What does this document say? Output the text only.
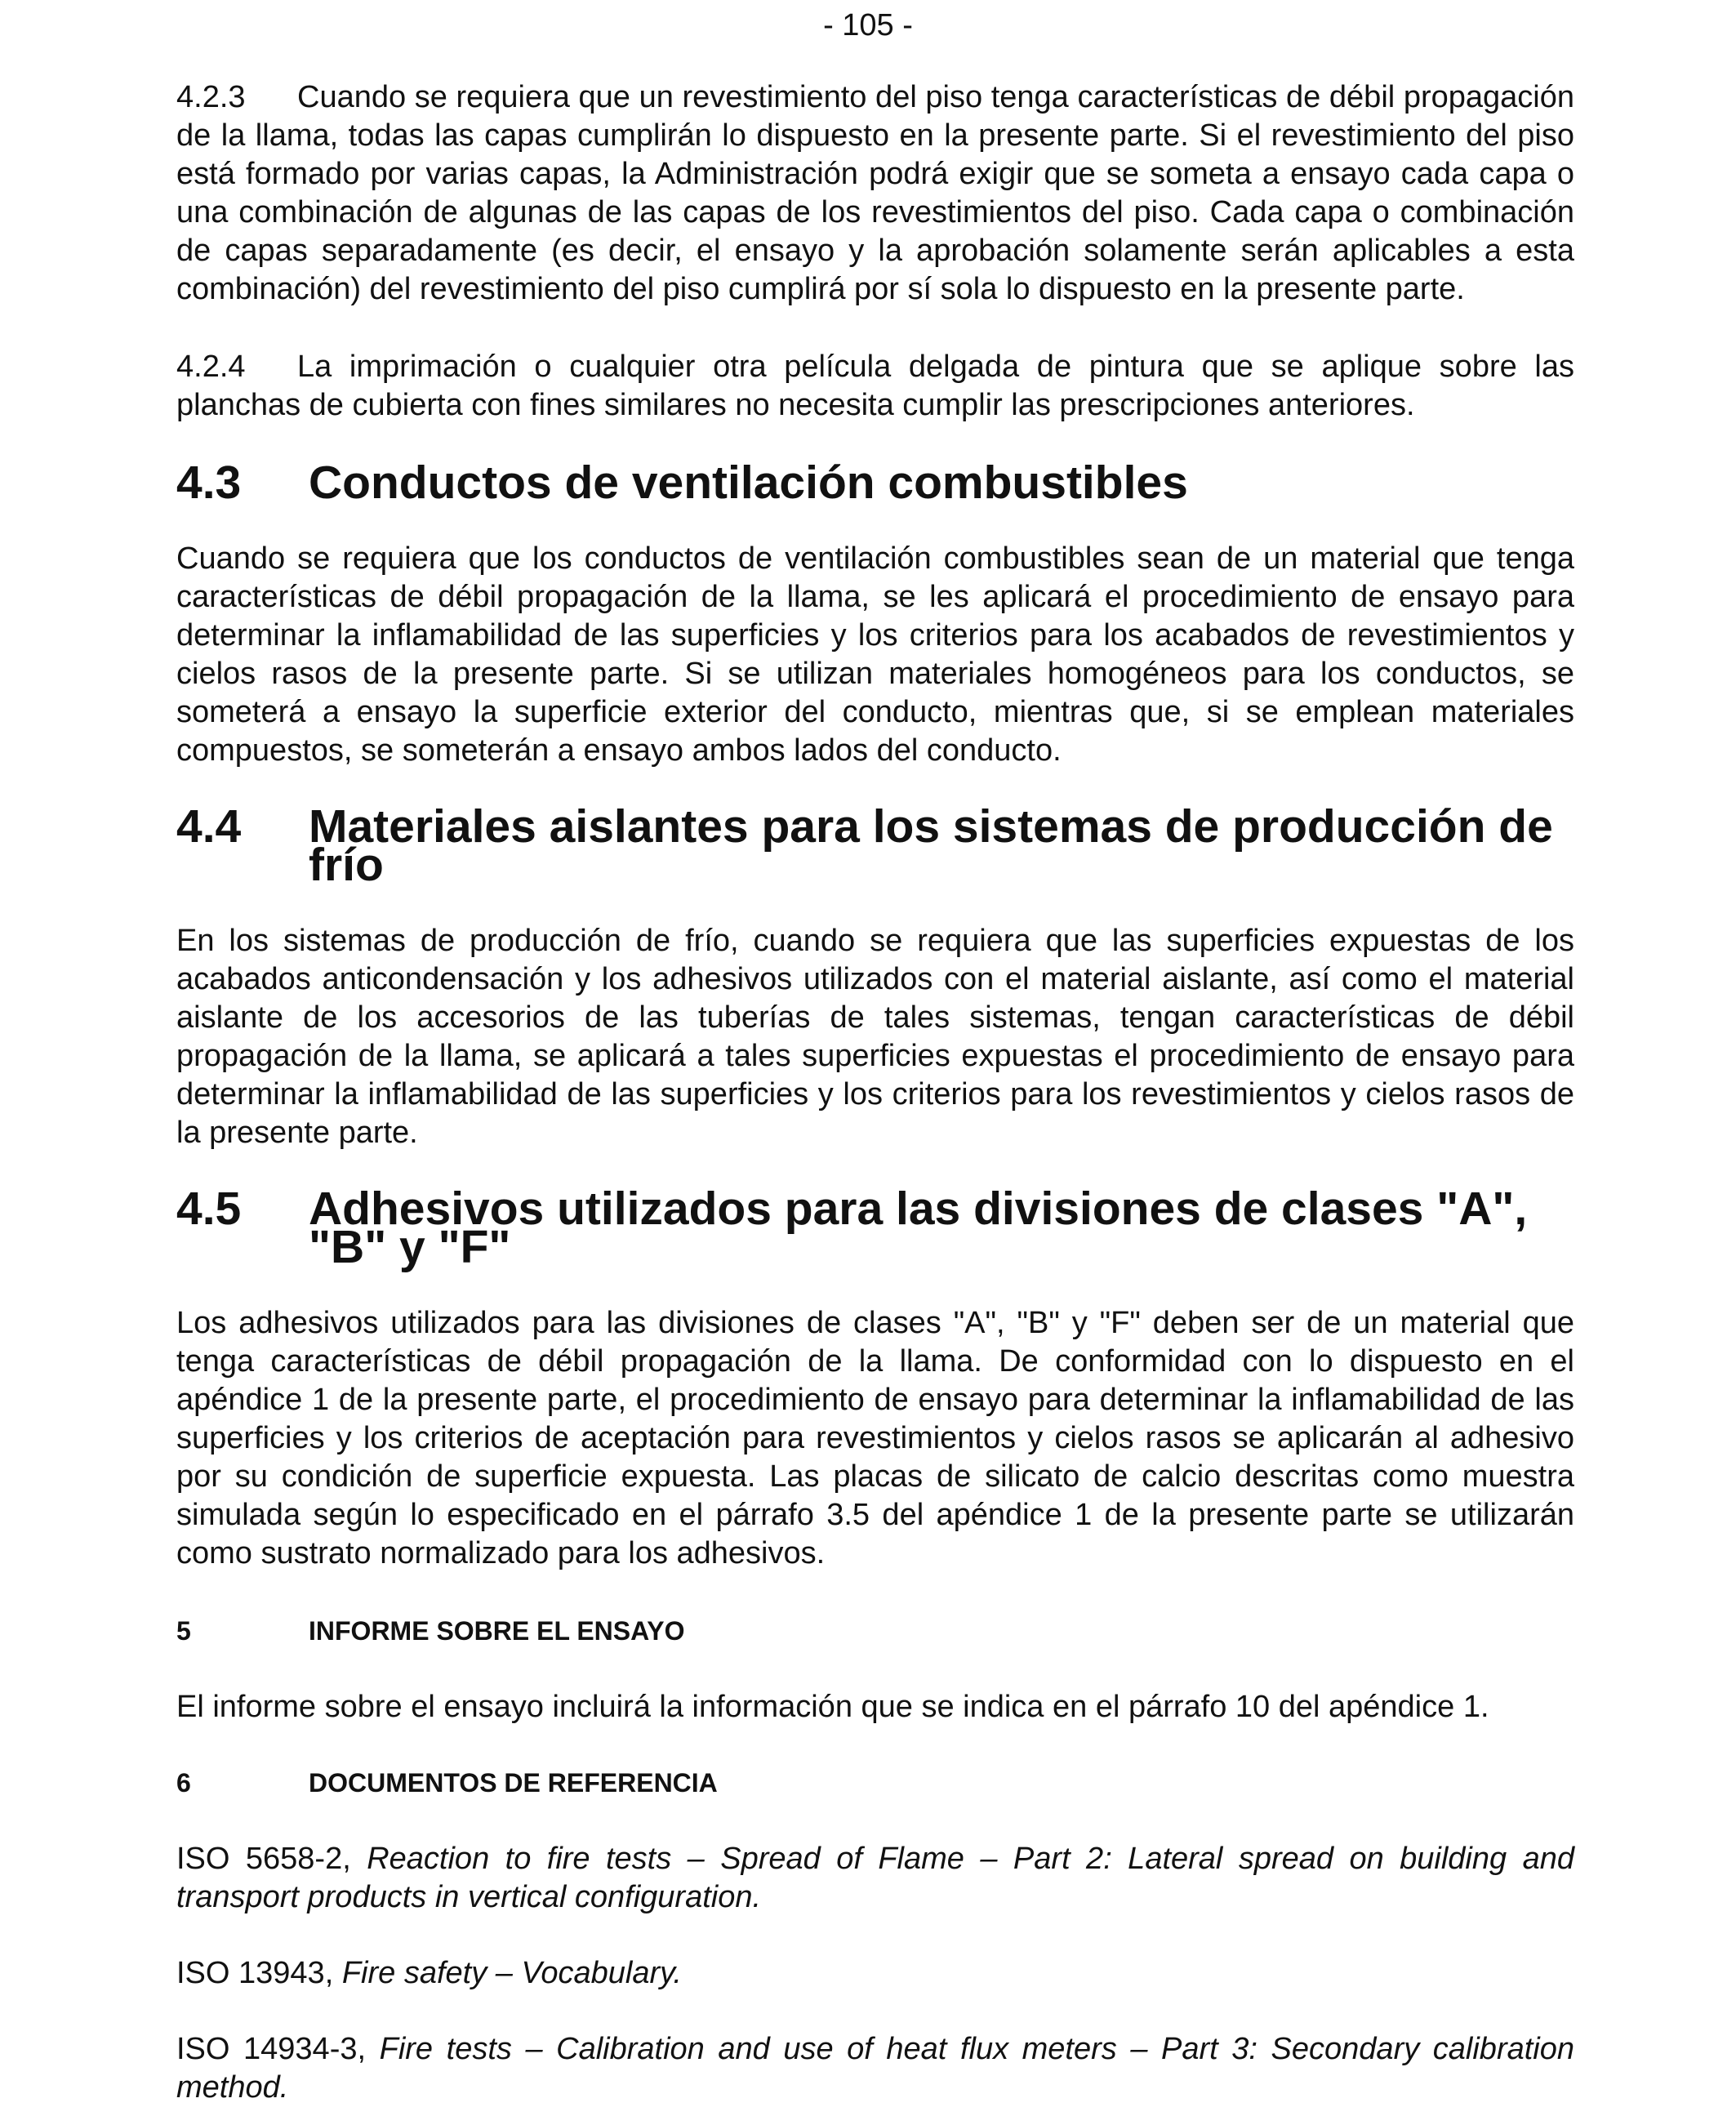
- 105 -

4.2.3 Cuando se requiera que un revestimiento del piso tenga características de débil propagación de la llama, todas las capas cumplirán lo dispuesto en la presente parte. Si el revestimiento del piso está formado por varias capas, la Administración podrá exigir que se someta a ensayo cada capa o una combinación de algunas de las capas de los revestimientos del piso. Cada capa o combinación de capas separadamente (es decir, el ensayo y la aprobación solamente serán aplicables a esta combinación) del revestimiento del piso cumplirá por sí sola lo dispuesto en la presente parte.

4.2.4 La imprimación o cualquier otra película delgada de pintura que se aplique sobre las planchas de cubierta con fines similares no necesita cumplir las prescripciones anteriores.

4.3	Conductos de ventilación combustibles

Cuando se requiera que los conductos de ventilación combustibles sean de un material que tenga características de débil propagación de la llama, se les aplicará el procedimiento de ensayo para determinar la inflamabilidad de las superficies y los criterios para los acabados de revestimientos y cielos rasos de la presente parte. Si se utilizan materiales homogéneos para los conductos, se someterá a ensayo la superficie exterior del conducto, mientras que, si se emplean materiales compuestos, se someterán a ensayo ambos lados del conducto.

4.4	Materiales aislantes para los sistemas de producción de frío

En los sistemas de producción de frío, cuando se requiera que las superficies expuestas de los acabados anticondensación y los adhesivos utilizados con el material aislante, así como el material aislante de los accesorios de las tuberías de tales sistemas, tengan características de débil propagación de la llama, se aplicará a tales superficies expuestas el procedimiento de ensayo para determinar la inflamabilidad de las superficies y los criterios para los revestimientos y cielos rasos de la presente parte.

4.5	Adhesivos utilizados para las divisiones de clases "A", "B" y "F"

Los adhesivos utilizados para las divisiones de clases "A", "B" y "F" deben ser de un material que tenga características de débil propagación de la llama. De conformidad con lo dispuesto en el apéndice 1 de la presente parte, el procedimiento de ensayo para determinar la inflamabilidad de las superficies y los criterios de aceptación para revestimientos y cielos rasos se aplicarán al adhesivo por su condición de superficie expuesta. Las placas de silicato de calcio descritas como muestra simulada según lo especificado en el párrafo 3.5 del apéndice 1 de la presente parte se utilizarán como sustrato normalizado para los adhesivos.

5	INFORME SOBRE EL ENSAYO

El informe sobre el ensayo incluirá la información que se indica en el párrafo 10 del apéndice 1.

6	DOCUMENTOS DE REFERENCIA

ISO 5658-2, Reaction to fire tests – Spread of Flame – Part 2: Lateral spread on building and transport products in vertical configuration.

ISO 13943, Fire safety – Vocabulary.

ISO 14934-3, Fire tests – Calibration and use of heat flux meters – Part 3: Secondary calibration method.
